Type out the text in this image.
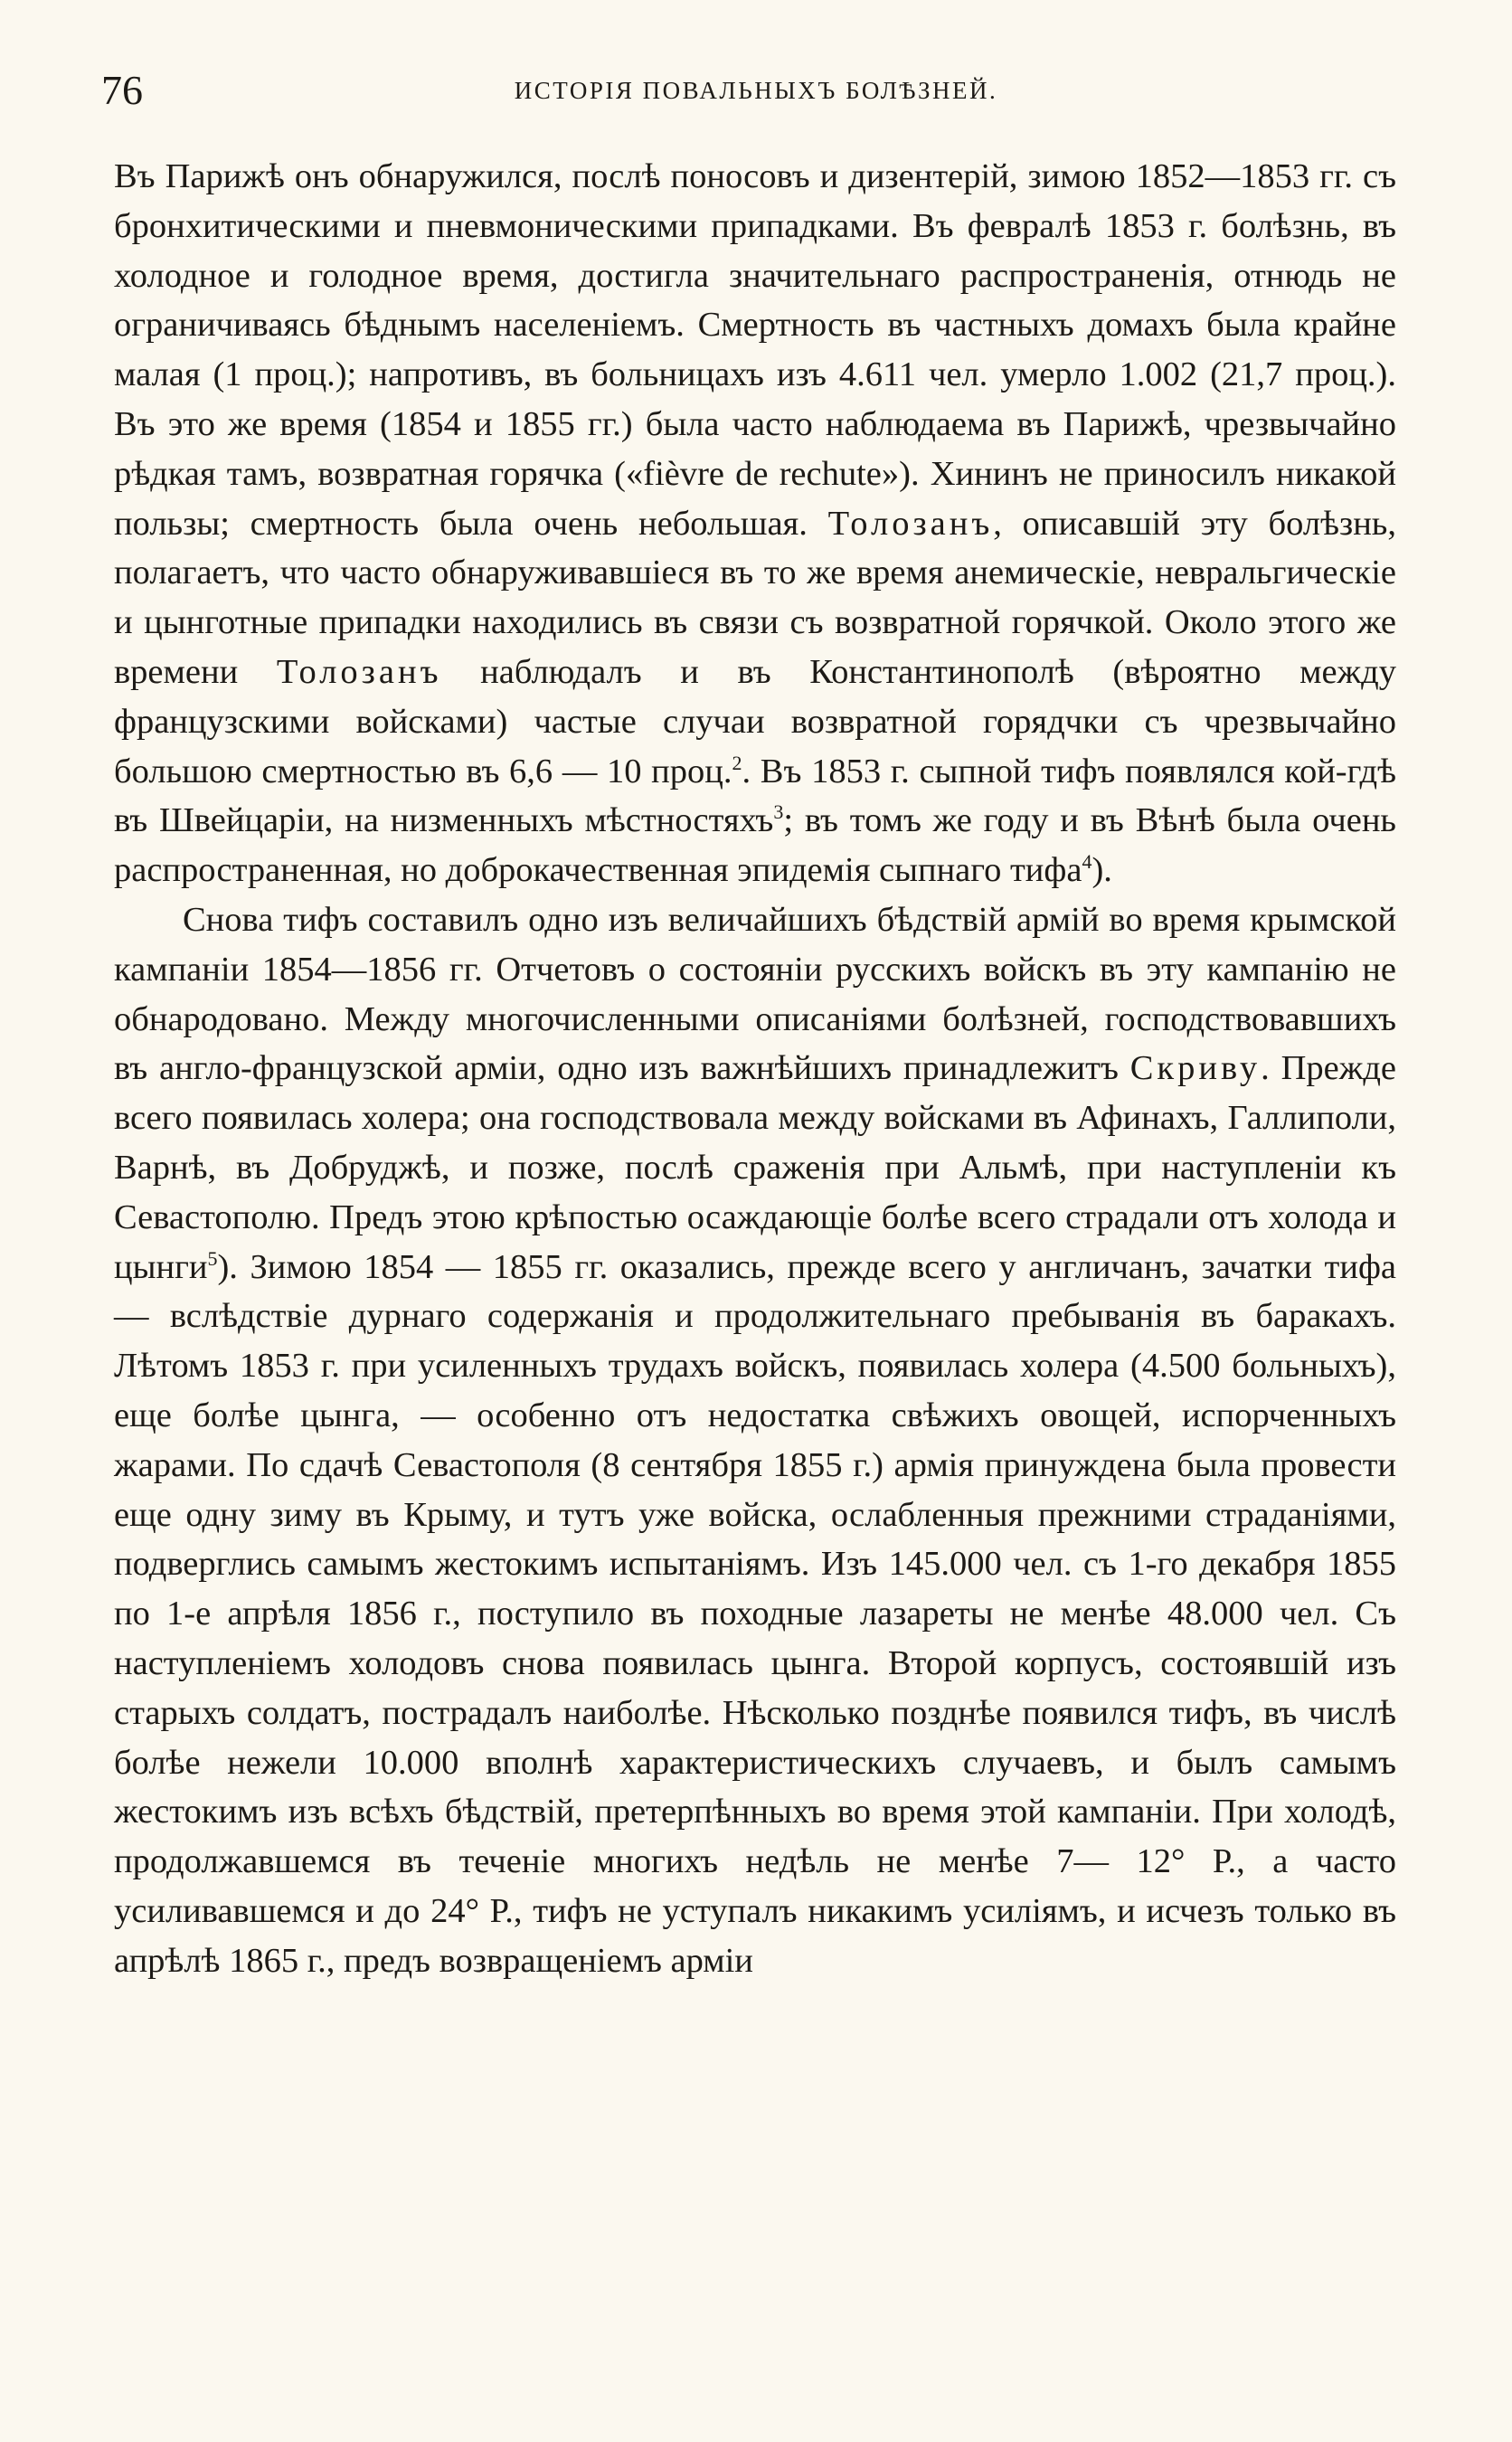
76	ИСТОРІЯ ПОВАЛЬНЫХЪ БОЛѢЗНЕЙ.

Въ Парижѣ онъ обнаружился, послѣ поносовъ и дизентерій, зимою 1852—1853 гг. съ бронхитическими и пневмоническими припадками. Въ февралѣ 1853 г. болѣзнь, въ холодное и голодное время, достигла значительнаго распространенія, отнюдь не ограничиваясь бѣднымъ населеніемъ. Смертность въ частныхъ домахъ была крайне малая (1 проц.); напротивъ, въ больницахъ изъ 4.611 чел. умерло 1.002 (21,7 проц.). Въ это же время (1854 и 1855 гг.) была часто наблюдаема въ Парижѣ, чрезвычайно рѣдкая тамъ, возвратная горячка («fièvre de rechute»). Хининъ не приносилъ никакой пользы; смертность была очень небольшая. Толозанъ, описавшій эту болѣзнь, полагаетъ, что часто обнаруживавшіеся въ то же время анемическіе, невральгическіе и цынготные припадки находились въ связи съ возвратной горячкой. Около этого же времени Толозанъ наблюдалъ и въ Константинополѣ (вѣроятно между французскими войсками) частые случаи возвратной горядчки съ чрезвычайно большою смертностью въ 6,6 — 10 проц.$^2$. Въ 1853 г. сыпной тифъ появлялся кой-гдѣ въ Швейцаріи, на низменныхъ мѣстностяхъ$^3$; въ томъ же году и въ Вѣнѣ была очень распространенная, но доброкачественная эпидемія сыпнаго тифа$^4$).

Снова тифъ составилъ одно изъ величайшихъ бѣдствій армій во время крымской кампаніи 1854—1856 гг. Отчетовъ о состояніи русскихъ войскъ въ эту кампанію не обнародовано. Между многочисленными описаніями болѣзней, господствовавшихъ въ англо-французской арміи, одно изъ важнѣйшихъ принадлежитъ Скриву. Прежде всего появилась холера; она господствовала между войсками въ Афинахъ, Галлиполи, Варнѣ, въ Добруджѣ, и позже, послѣ сраженія при Альмѣ, при наступленіи къ Севастополю. Предъ этою крѣпостью осаждающіе болѣе всего страдали отъ холода и цынги$^5$). Зимою 1854 — 1855 гг. оказались, прежде всего у англичанъ, зачатки тифа — вслѣдствіе дурнаго содержанія и продолжительнаго пребыванія въ баракахъ. Лѣтомъ 1853 г. при усиленныхъ трудахъ войскъ, появилась холера (4.500 больныхъ), еще болѣе цынга, — особенно отъ недостатка свѣжихъ овощей, испорченныхъ жарами. По сдачѣ Севастополя (8 сентября 1855 г.) армія принуждена была провести еще одну зиму въ Крыму, и тутъ уже войска, ослабленныя прежними страданіями, подверглись самымъ жестокимъ испытаніямъ. Изъ 145.000 чел. съ 1-го декабря 1855 по 1-е апрѣля 1856 г., поступило въ походные лазареты не менѣе 48.000 чел. Съ наступленіемъ холодовъ снова появилась цынга. Второй корпусъ, состоявшій изъ старыхъ солдатъ, пострадалъ наиболѣе. Нѣсколько позднѣе появился тифъ, въ числѣ болѣе нежели 10.000 вполнѣ характеристическихъ случаевъ, и былъ самымъ жестокимъ изъ всѣхъ бѣдствій, претерпѣнныхъ во время этой кампаніи. При холодѣ, продолжавшемся въ теченіе многихъ недѣль не менѣе 7— 12° Р., а часто усиливавшемся и до 24° Р., тифъ не уступалъ никакимъ усиліямъ, и исчезъ только въ апрѣлѣ 1865 г., предъ возвращеніемъ арміи
